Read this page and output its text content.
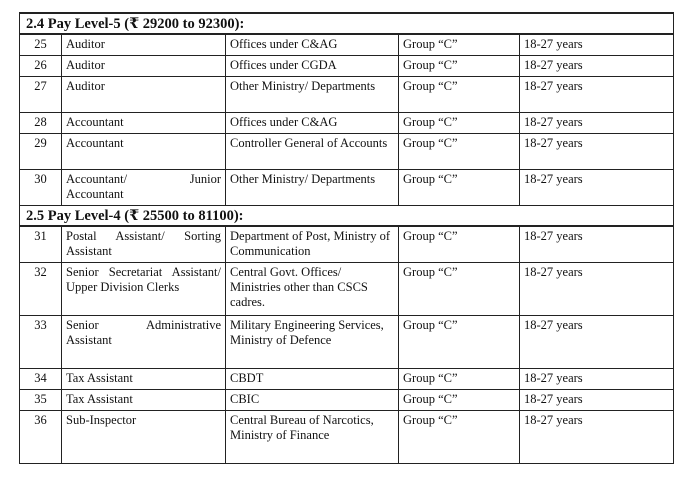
2.4 Pay Level-5 (₹ 29200 to 92300):				
25	Auditor	Offices under C&AG	Group “C”	18-27 years
26	Auditor	Offices under CGDA	Group “C”	18-27 years
27	Auditor	Other Ministry/ Departments	Group “C”	18-27 years
28	Accountant	Offices under C&AG	Group “C”	18-27 years
29	Accountant	Controller General of Accounts	Group “C”	18-27 years
30	Accountant/ Junior Accountant	Other Ministry/ Departments	Group “C”	18-27 years
2.5 Pay Level-4 (₹ 25500 to 81100):				
31	Postal Assistant/ Sorting Assistant	Department of Post, Ministry of Communication	Group “C”	18-27 years
32	Senior Secretariat Assistant/ Upper Division Clerks	Central Govt. Offices/ Ministries other than CSCS cadres.	Group “C”	18-27 years
33	Senior Administrative Assistant	Military Engineering Services, Ministry of Defence	Group “C”	18-27 years
34	Tax Assistant	CBDT	Group “C”	18-27 years
35	Tax Assistant	CBIC	Group “C”	18-27 years
36	Sub-Inspector	Central Bureau of Narcotics, Ministry of Finance	Group “C”	18-27 years
